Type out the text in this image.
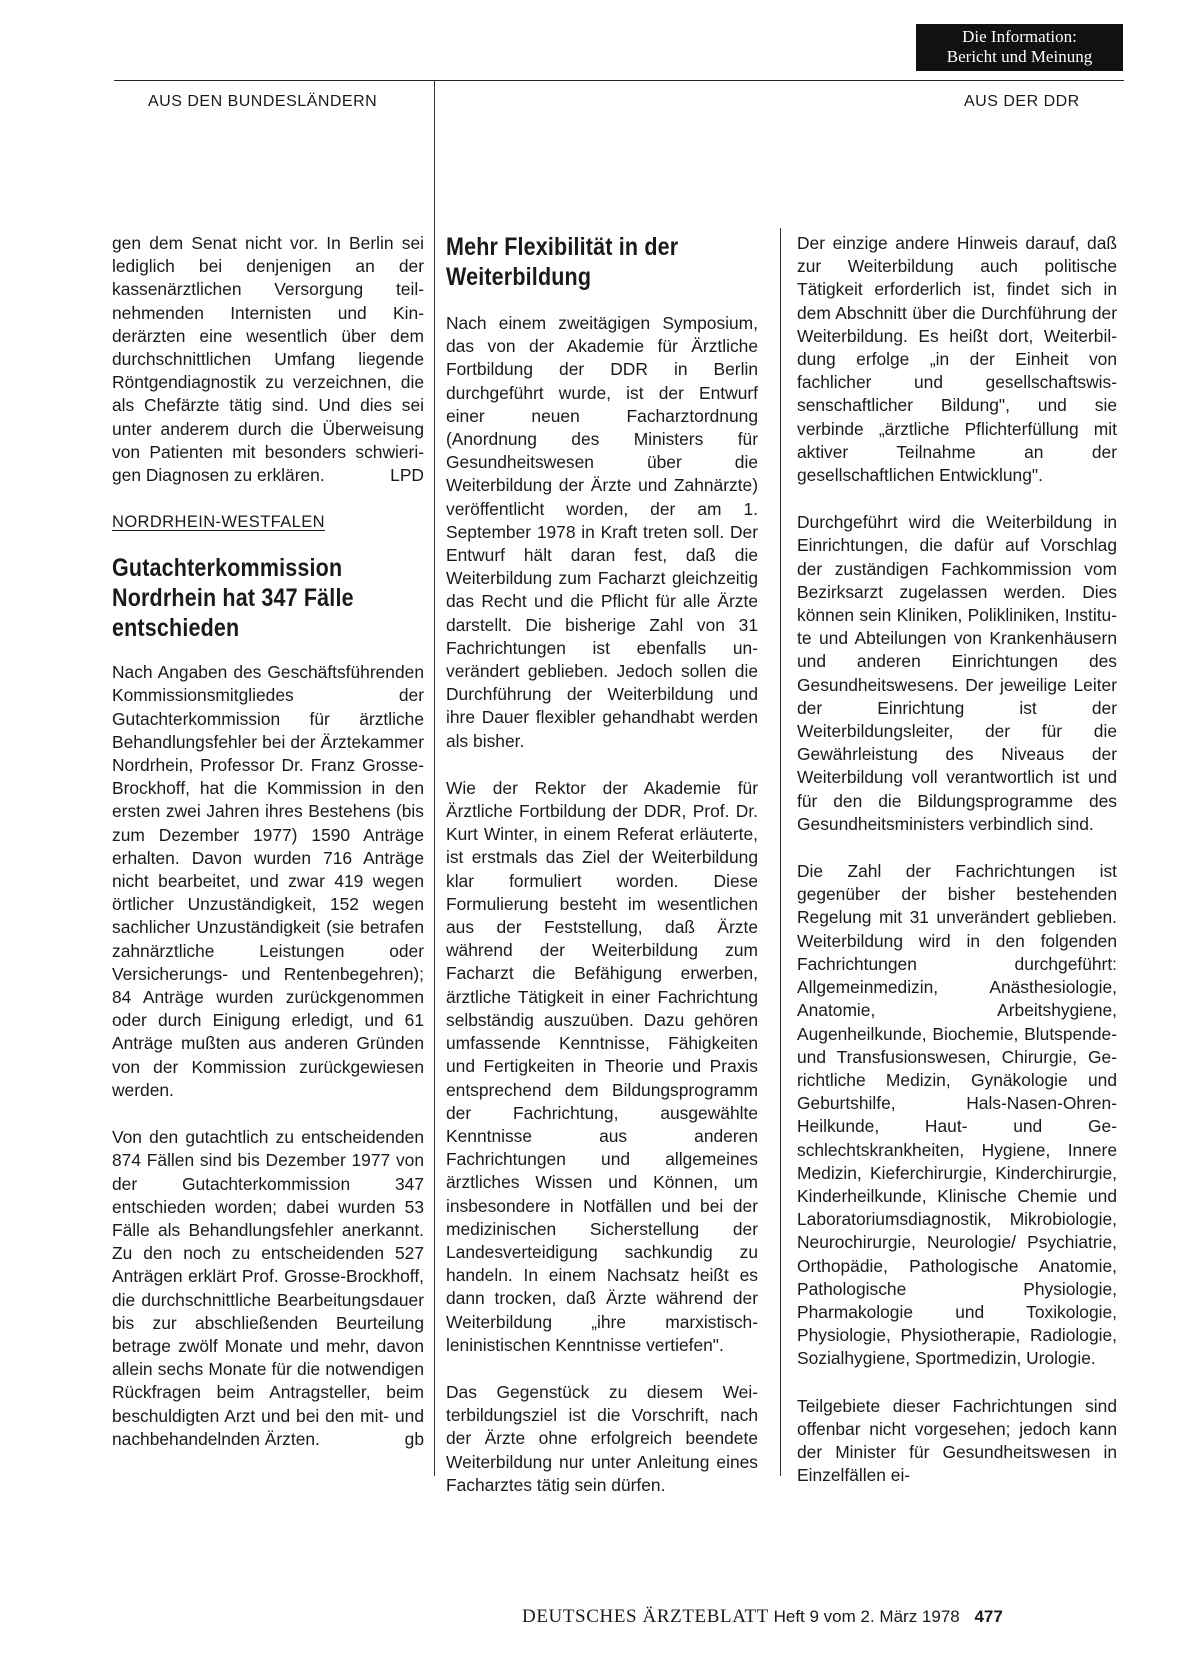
Die Information:
Bericht und Meinung
AUS DEN BUNDESLÄNDERN	AUS DER DDR

gen dem Senat nicht vor. In Berlin sei lediglich bei denjenigen an der kassenärztlichen Versorgung teilnehmenden Internisten und Kinderärzten eine wesentlich über dem durchschnittlichen Umfang liegende Röntgendiagnostik zu verzeichnen, die als Chefärzte tätig sind. Und dies sei unter anderem durch die Überweisung von Patienten mit besonders schwierigen Diagnosen zu erklären.	LPD

NORDRHEIN-WESTFALEN
Gutachterkommission Nordrhein hat 347 Fälle entschieden

Nach Angaben des Geschäftsführenden Kommissionsmitgliedes der Gutachterkommission für ärztliche Behandlungsfehler bei der Ärztekammer Nordrhein, Professor Dr. Franz Grosse-Brockhoff, hat die Kommission in den ersten zwei Jahren ihres Bestehens (bis zum Dezember 1977) 1590 Anträge erhalten. Davon wurden 716 Anträge nicht bearbeitet, und zwar 419 wegen örtlicher Unzuständigkeit, 152 wegen sachlicher Unzuständigkeit (sie betrafen zahnärztliche Leistungen oder Versicherungs- und Rentenbegehren); 84 Anträge wurden zurückgenommen oder durch Einigung erledigt, und 61 Anträge mußten aus anderen Gründen von der Kommission zurückgewiesen werden.

Von den gutachtlich zu entscheidenden 874 Fällen sind bis Dezember 1977 von der Gutachterkommission 347 entschieden worden; dabei wurden 53 Fälle als Behandlungsfehler anerkannt. Zu den noch zu entscheidenden 527 Anträgen erklärt Prof. Grosse-Brockhoff, die durchschnittliche Bearbeitungsdauer bis zur abschließenden Beurteilung betrage zwölf Monate und mehr, davon allein sechs Monate für die notwendigen Rückfragen beim Antragsteller, beim beschuldigten Arzt und bei den mit- und nachbehandelnden Ärzten.	gb

Mehr Flexibilität in der Weiterbildung

Nach einem zweitägigen Symposium, das von der Akademie für Ärztliche Fortbildung der DDR in Berlin durchgeführt wurde, ist der Entwurf einer neuen Facharztordnung (Anordnung des Ministers für Gesundheitswesen über die Weiterbildung der Ärzte und Zahnärzte) veröffentlicht worden, der am 1. September 1978 in Kraft treten soll. Der Entwurf hält daran fest, daß die Weiterbildung zum Facharzt gleichzeitig das Recht und die Pflicht für alle Ärzte darstellt. Die bisherige Zahl von 31 Fachrichtungen ist ebenfalls unverändert geblieben. Jedoch sollen die Durchführung der Weiterbildung und ihre Dauer flexibler gehandhabt werden als bisher.

Wie der Rektor der Akademie für Ärztliche Fortbildung der DDR, Prof. Dr. Kurt Winter, in einem Referat erläuterte, ist erstmals das Ziel der Weiterbildung klar formuliert worden. Diese Formulierung besteht im wesentlichen aus der Feststellung, daß Ärzte während der Weiterbildung zum Facharzt die Befähigung erwerben, ärztliche Tätigkeit in einer Fachrichtung selbständig auszuüben. Dazu gehören umfassende Kenntnisse, Fähigkeiten und Fertigkeiten in Theorie und Praxis entsprechend dem Bildungsprogramm der Fachrichtung, ausgewählte Kenntnisse aus anderen Fachrichtungen und allgemeines ärztliches Wissen und Können, um insbesondere in Notfällen und bei der medizinischen Sicherstellung der Landesverteidigung sachkundig zu handeln. In einem Nachsatz heißt es dann trocken, daß Ärzte während der Weiterbildung „ihre marxistisch-leninistischen Kenntnisse vertiefen".

Das Gegenstück zu diesem Weiterbildungsziel ist die Vorschrift, nach der Ärzte ohne erfolgreich beendete Weiterbildung nur unter Anleitung eines Facharztes tätig sein dürfen.

Der einzige andere Hinweis darauf, daß zur Weiterbildung auch politische Tätigkeit erforderlich ist, findet sich in dem Abschnitt über die Durchführung der Weiterbildung. Es heißt dort, Weiterbildung erfolge „in der Einheit von fachlicher und gesellschaftswissenschaftlicher Bildung", und sie verbinde „ärztliche Pflichterfüllung mit aktiver Teilnahme an der gesellschaftlichen Entwicklung".

Durchgeführt wird die Weiterbildung in Einrichtungen, die dafür auf Vorschlag der zuständigen Fachkommission vom Bezirksarzt zugelassen werden. Dies können sein Kliniken, Polikliniken, Institute und Abteilungen von Krankenhäusern und anderen Einrichtungen des Gesundheitswesens. Der jeweilige Leiter der Einrichtung ist der Weiterbildungsleiter, der für die Gewährleistung des Niveaus der Weiterbildung voll verantwortlich ist und für den die Bildungsprogramme des Gesundheitsministers verbindlich sind.

Die Zahl der Fachrichtungen ist gegenüber der bisher bestehenden Regelung mit 31 unverändert geblieben. Weiterbildung wird in den folgenden Fachrichtungen durchgeführt: Allgemeinmedizin, Anästhesiologie, Anatomie, Arbeitshygiene, Augenheilkunde, Biochemie, Blutspende- und Transfusionswesen, Chirurgie, Gerichtliche Medizin, Gynäkologie und Geburtshilfe, Hals-Nasen-Ohren-Heilkunde, Haut- und Geschlechtskrankheiten, Hygiene, Innere Medizin, Kieferchirurgie, Kinderchirurgie, Kinderheilkunde, Klinische Chemie und Laboratoriumsdiagnostik, Mikrobiologie, Neurochirurgie, Neurologie/ Psychiatrie, Orthopädie, Pathologische Anatomie, Pathologische Physiologie, Pharmakologie und Toxikologie, Physiologie, Physiotherapie, Radiologie, Sozialhygiene, Sportmedizin, Urologie.

Teilgebiete dieser Fachrichtungen sind offenbar nicht vorgesehen; jedoch kann der Minister für Gesundheitswesen in Einzelfällen ei-

DEUTSCHES ÄRZTEBLATT Heft 9 vom 2. März 1978 477
